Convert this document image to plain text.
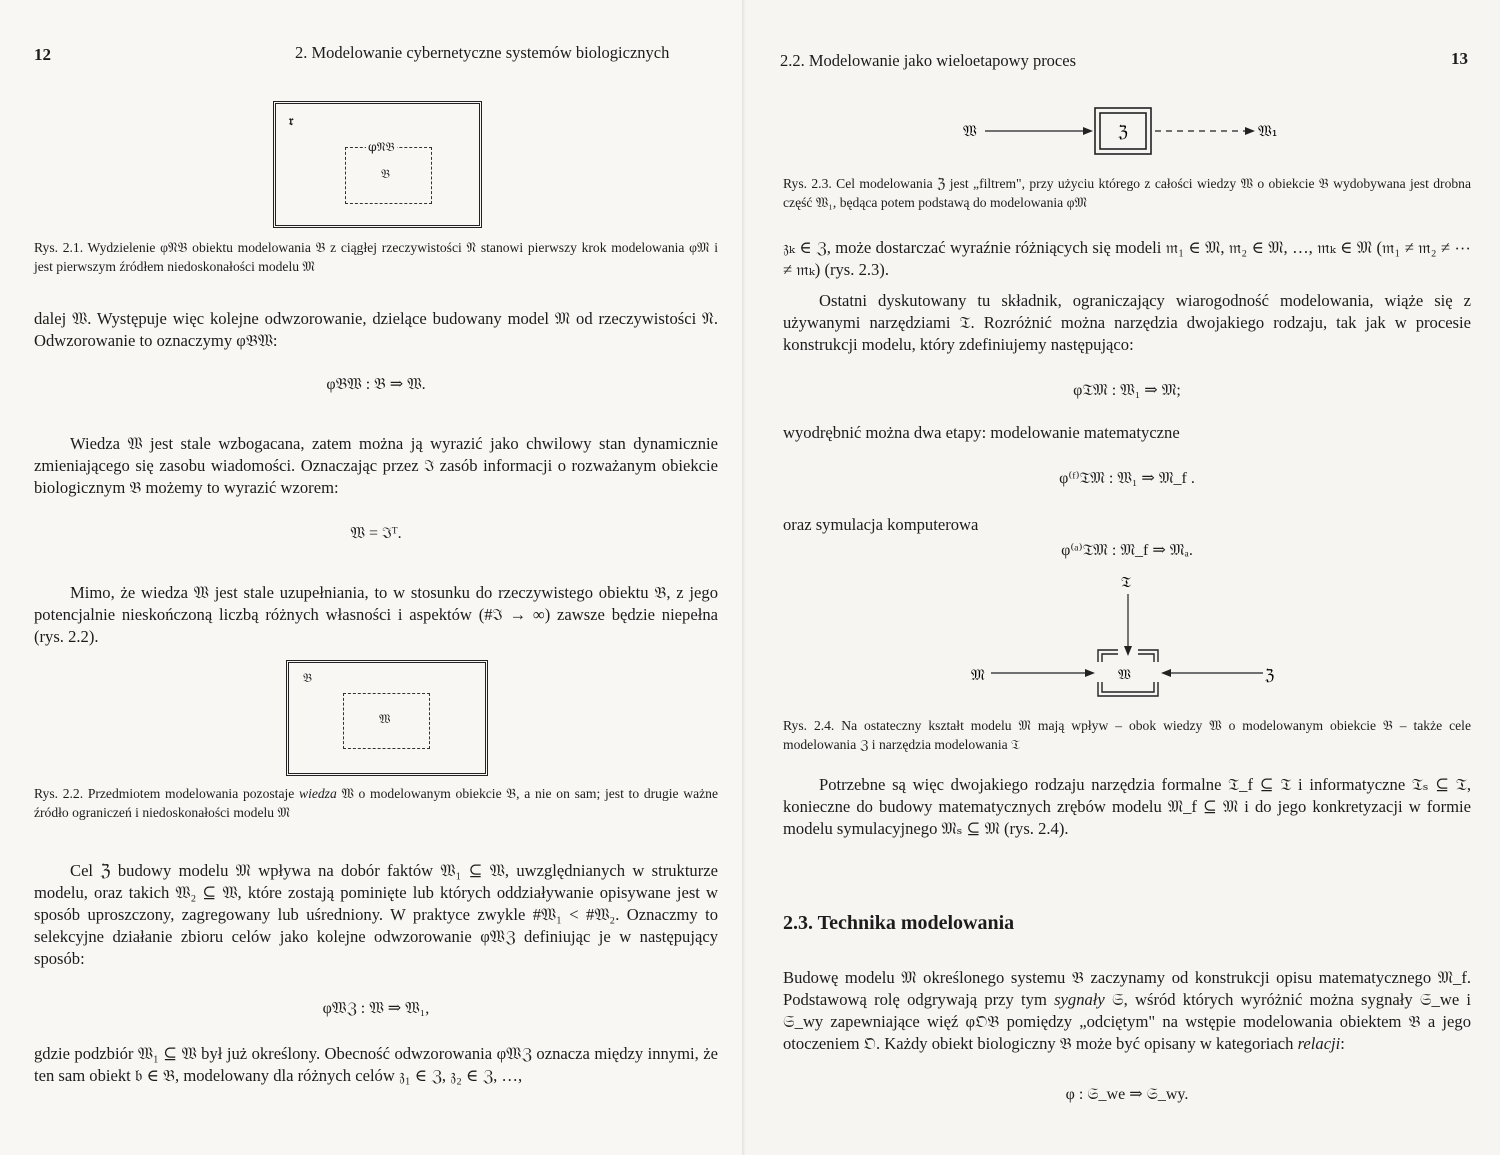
12	2. Modelowanie cybernetyczne systemów biologicznych
𝔯
φ𝔑𝔅
𝔅
Rys. 2.1. Wydzielenie φ𝔑𝔅 obiektu modelowania 𝔅 z ciągłej rzeczywistości 𝔑 stanowi pierwszy krok modelowania φ𝔐 i jest pierwszym źródłem niedoskonałości modelu 𝔐
dalej 𝔚. Występuje więc kolejne odwzorowanie, dzielące budowany model 𝔐 od rzeczywistości 𝔑. Odwzorowanie to oznaczymy φ𝔅𝔚:
φ𝔅𝔚 : 𝔅 ⇒ 𝔚.
Wiedza 𝔚 jest stale wzbogacana, zatem można ją wyrazić jako chwilowy stan dynamicznie zmieniającego się zasobu wiadomości. Oznaczając przez ℑ zasób informacji o rozważanym obiekcie biologicznym 𝔅 możemy to wyrazić wzorem:
𝔚 = ℑᵀ.
Mimo, że wiedza 𝔚 jest stale uzupełniania, to w stosunku do rzeczywistego obiektu 𝔅, z jego potencjalnie nieskończoną liczbą różnych własności i aspektów (#ℑ → ∞) zawsze będzie niepełna (rys. 2.2).
𝔅
𝔚
Rys. 2.2. Przedmiotem modelowania pozostaje wiedza 𝔚 o modelowanym obiekcie 𝔅, a nie on sam; jest to drugie ważne źródło ograniczeń i niedoskonałości modelu 𝔐
Cel ℨ budowy modelu 𝔐 wpływa na dobór faktów 𝔚₁ ⊆ 𝔚, uwzględnianych w strukturze modelu, oraz takich 𝔚₂ ⊆ 𝔚, które zostają pominięte lub których oddziaływanie opisywane jest w sposób uproszczony, zagregowany lub uśredniony. W praktyce zwykle #𝔚₁ < #𝔚₂. Oznaczmy to selekcyjne działanie zbioru celów jako kolejne odwzorowanie φ𝔚ℨ definiując je w następujący sposób:
φ𝔚ℨ : 𝔚 ⇒ 𝔚₁,
gdzie podzbiór 𝔚₁ ⊆ 𝔚 był już określony. Obecność odwzorowania φ𝔚ℨ oznacza między innymi, że ten sam obiekt 𝔟 ∈ 𝔅, modelowany dla różnych celów 𝔷₁ ∈ ℨ, 𝔷₂ ∈ ℨ, …,
2.2. Modelowanie jako wieloetapowy proces	13
𝔚	ℨ	𝔚₁
Rys. 2.3. Cel modelowania ℨ jest „filtrem", przy użyciu którego z całości wiedzy 𝔚 o obiekcie 𝔅 wydobywana jest drobna część 𝔚₁, będąca potem podstawą do modelowania φ𝔐
𝔷ₖ ∈ ℨ, może dostarczać wyraźnie różniących się modeli 𝔪₁ ∈ 𝔐, 𝔪₂ ∈ 𝔐, …, 𝔪ₖ ∈ 𝔐 (𝔪₁ ≠ 𝔪₂ ≠ ⋯ ≠ 𝔪ₖ) (rys. 2.3).
Ostatni dyskutowany tu składnik, ograniczający wiarogodność modelowania, wiąże się z używanymi narzędziami 𝔗. Rozróżnić można narzędzia dwojakiego rodzaju, tak jak w procesie konstrukcji modelu, który zdefiniujemy następująco:
φ𝔗𝔐 : 𝔚₁ ⇒ 𝔐;
wyodrębnić można dwa etapy: modelowanie matematyczne
φ⁽ᶠ⁾𝔗𝔐 : 𝔚₁ ⇒ 𝔐_f .
oraz symulacja komputerowa
φ⁽ᵃ⁾𝔗𝔐 : 𝔐_f ⇒ 𝔐ₐ.
𝔗
𝔐	𝔚	ℨ
Rys. 2.4. Na ostateczny kształt modelu 𝔐 mają wpływ – obok wiedzy 𝔚 o modelowanym obiekcie 𝔅 – także cele modelowania ℨ i narzędzia modelowania 𝔗
Potrzebne są więc dwojakiego rodzaju narzędzia formalne 𝔗_f ⊆ 𝔗 i informatyczne 𝔗ₛ ⊆ 𝔗, konieczne do budowy matematycznych zrębów modelu 𝔐_f ⊆ 𝔐 i do jego konkretyzacji w formie modelu symulacyjnego 𝔐ₛ ⊆ 𝔐 (rys. 2.4).
2.3. Technika modelowania
Budowę modelu 𝔐 określonego systemu 𝔅 zaczynamy od konstrukcji opisu matematycznego 𝔐_f. Podstawową rolę odgrywają przy tym sygnały 𝔖, wśród których wyróżnić można sygnały 𝔖_we i 𝔖_wy zapewniające więź φ𝔒𝔅 pomiędzy „odciętym" na wstępie modelowania obiektem 𝔅 a jego otoczeniem 𝔒. Każdy obiekt biologiczny 𝔅 może być opisany w kategoriach relacji:
φ : 𝔖_we ⇒ 𝔖_wy.
